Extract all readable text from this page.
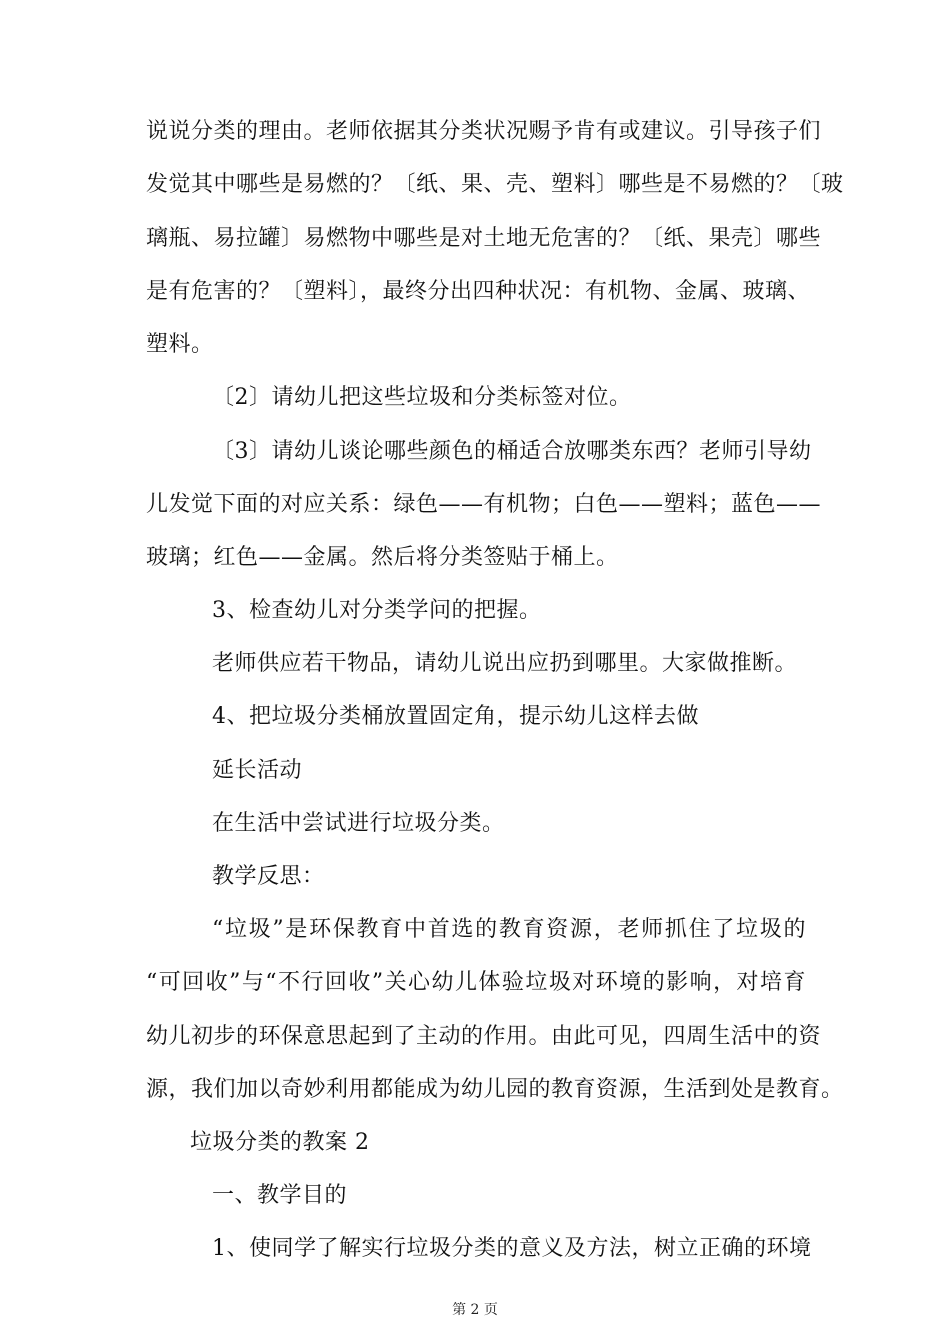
说说分类的理由。老师依据其分类状况赐予肯有或建议。引导孩子们
发觉其中哪些是易燃的？〔纸、果、壳、塑料〕哪些是不易燃的？〔玻
璃瓶、易拉罐〕易燃物中哪些是对土地无危害的？〔纸、果壳〕哪些
是有危害的？〔塑料〕，最终分出四种状况：有机物、金属、玻璃、
塑料。
〔2〕请幼儿把这些垃圾和分类标签对位。
〔3〕请幼儿谈论哪些颜色的桶适合放哪类东西？老师引导幼
儿发觉下面的对应关系：绿色——有机物；白色——塑料；蓝色——
玻璃；红色——金属。然后将分类签贴于桶上。
3、检查幼儿对分类学问的把握。
老师供应若干物品，请幼儿说出应扔到哪里。大家做推断。
4、把垃圾分类桶放置固定角，提示幼儿这样去做
延长活动
在生活中尝试进行垃圾分类。
教学反思：
“垃圾”是环保教育中首选的教育资源，老师抓住了垃圾的
“可回收”与“不行回收”关心幼儿体验垃圾对环境的影响，对培育
幼儿初步的环保意思起到了主动的作用。由此可见，四周生活中的资
源，我们加以奇妙利用都能成为幼儿园的教育资源，生活到处是教育。
垃圾分类的教案 2
一、教学目的
1、使同学了解实行垃圾分类的意义及方法，树立正确的环境
第 2 页
